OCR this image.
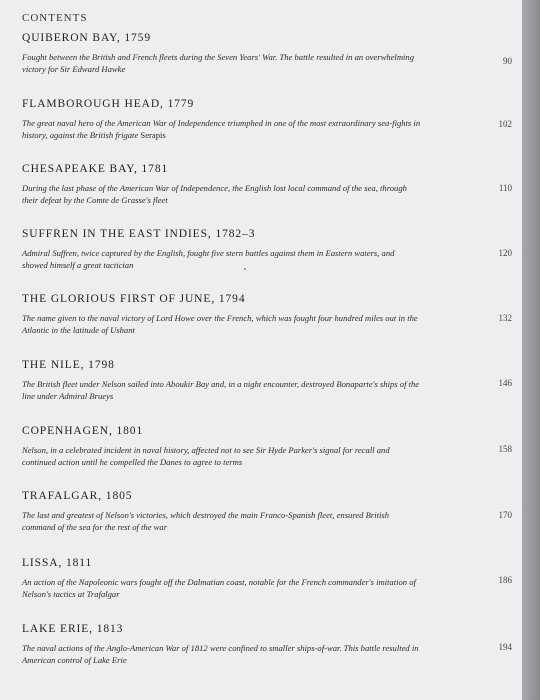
CONTENTS
QUIBERON BAY, 1759
Fought between the British and French fleets during the Seven Years' War. The battle resulted in an overwhelming victory for Sir Edward Hawke
90
FLAMBOROUGH HEAD, 1779
The great naval hero of the American War of Independence triumphed in one of the most extraordinary sea-fights in history, against the British frigate Serapis
102
CHESAPEAKE BAY, 1781
During the last phase of the American War of Independence, the English lost local command of the sea, through their defeat by the Comte de Grasse's fleet
110
SUFFREN IN THE EAST INDIES, 1782–3
Admiral Suffren, twice captured by the English, fought five stern battles against them in Eastern waters, and showed himself a great tactician
120
THE GLORIOUS FIRST OF JUNE, 1794
The name given to the naval victory of Lord Howe over the French, which was fought four hundred miles out in the Atlantic in the latitude of Ushant
132
THE NILE, 1798
The British fleet under Nelson sailed into Aboukir Bay and, in a night encounter, destroyed Bonaparte's ships of the line under Admiral Brueys
146
COPENHAGEN, 1801
Nelson, in a celebrated incident in naval history, affected not to see Sir Hyde Parker's signal for recall and continued action until he compelled the Danes to agree to terms
158
TRAFALGAR, 1805
The last and greatest of Nelson's victories, which destroyed the main Franco-Spanish fleet, ensured British command of the sea for the rest of the war
170
LISSA, 1811
An action of the Napoleonic wars fought off the Dalmatian coast, notable for the French commander's imitation of Nelson's tactics at Trafalgar
186
LAKE ERIE, 1813
The naval actions of the Anglo-American War of 1812 were confined to smaller ships-of-war. This battle resulted in American control of Lake Erie
194
